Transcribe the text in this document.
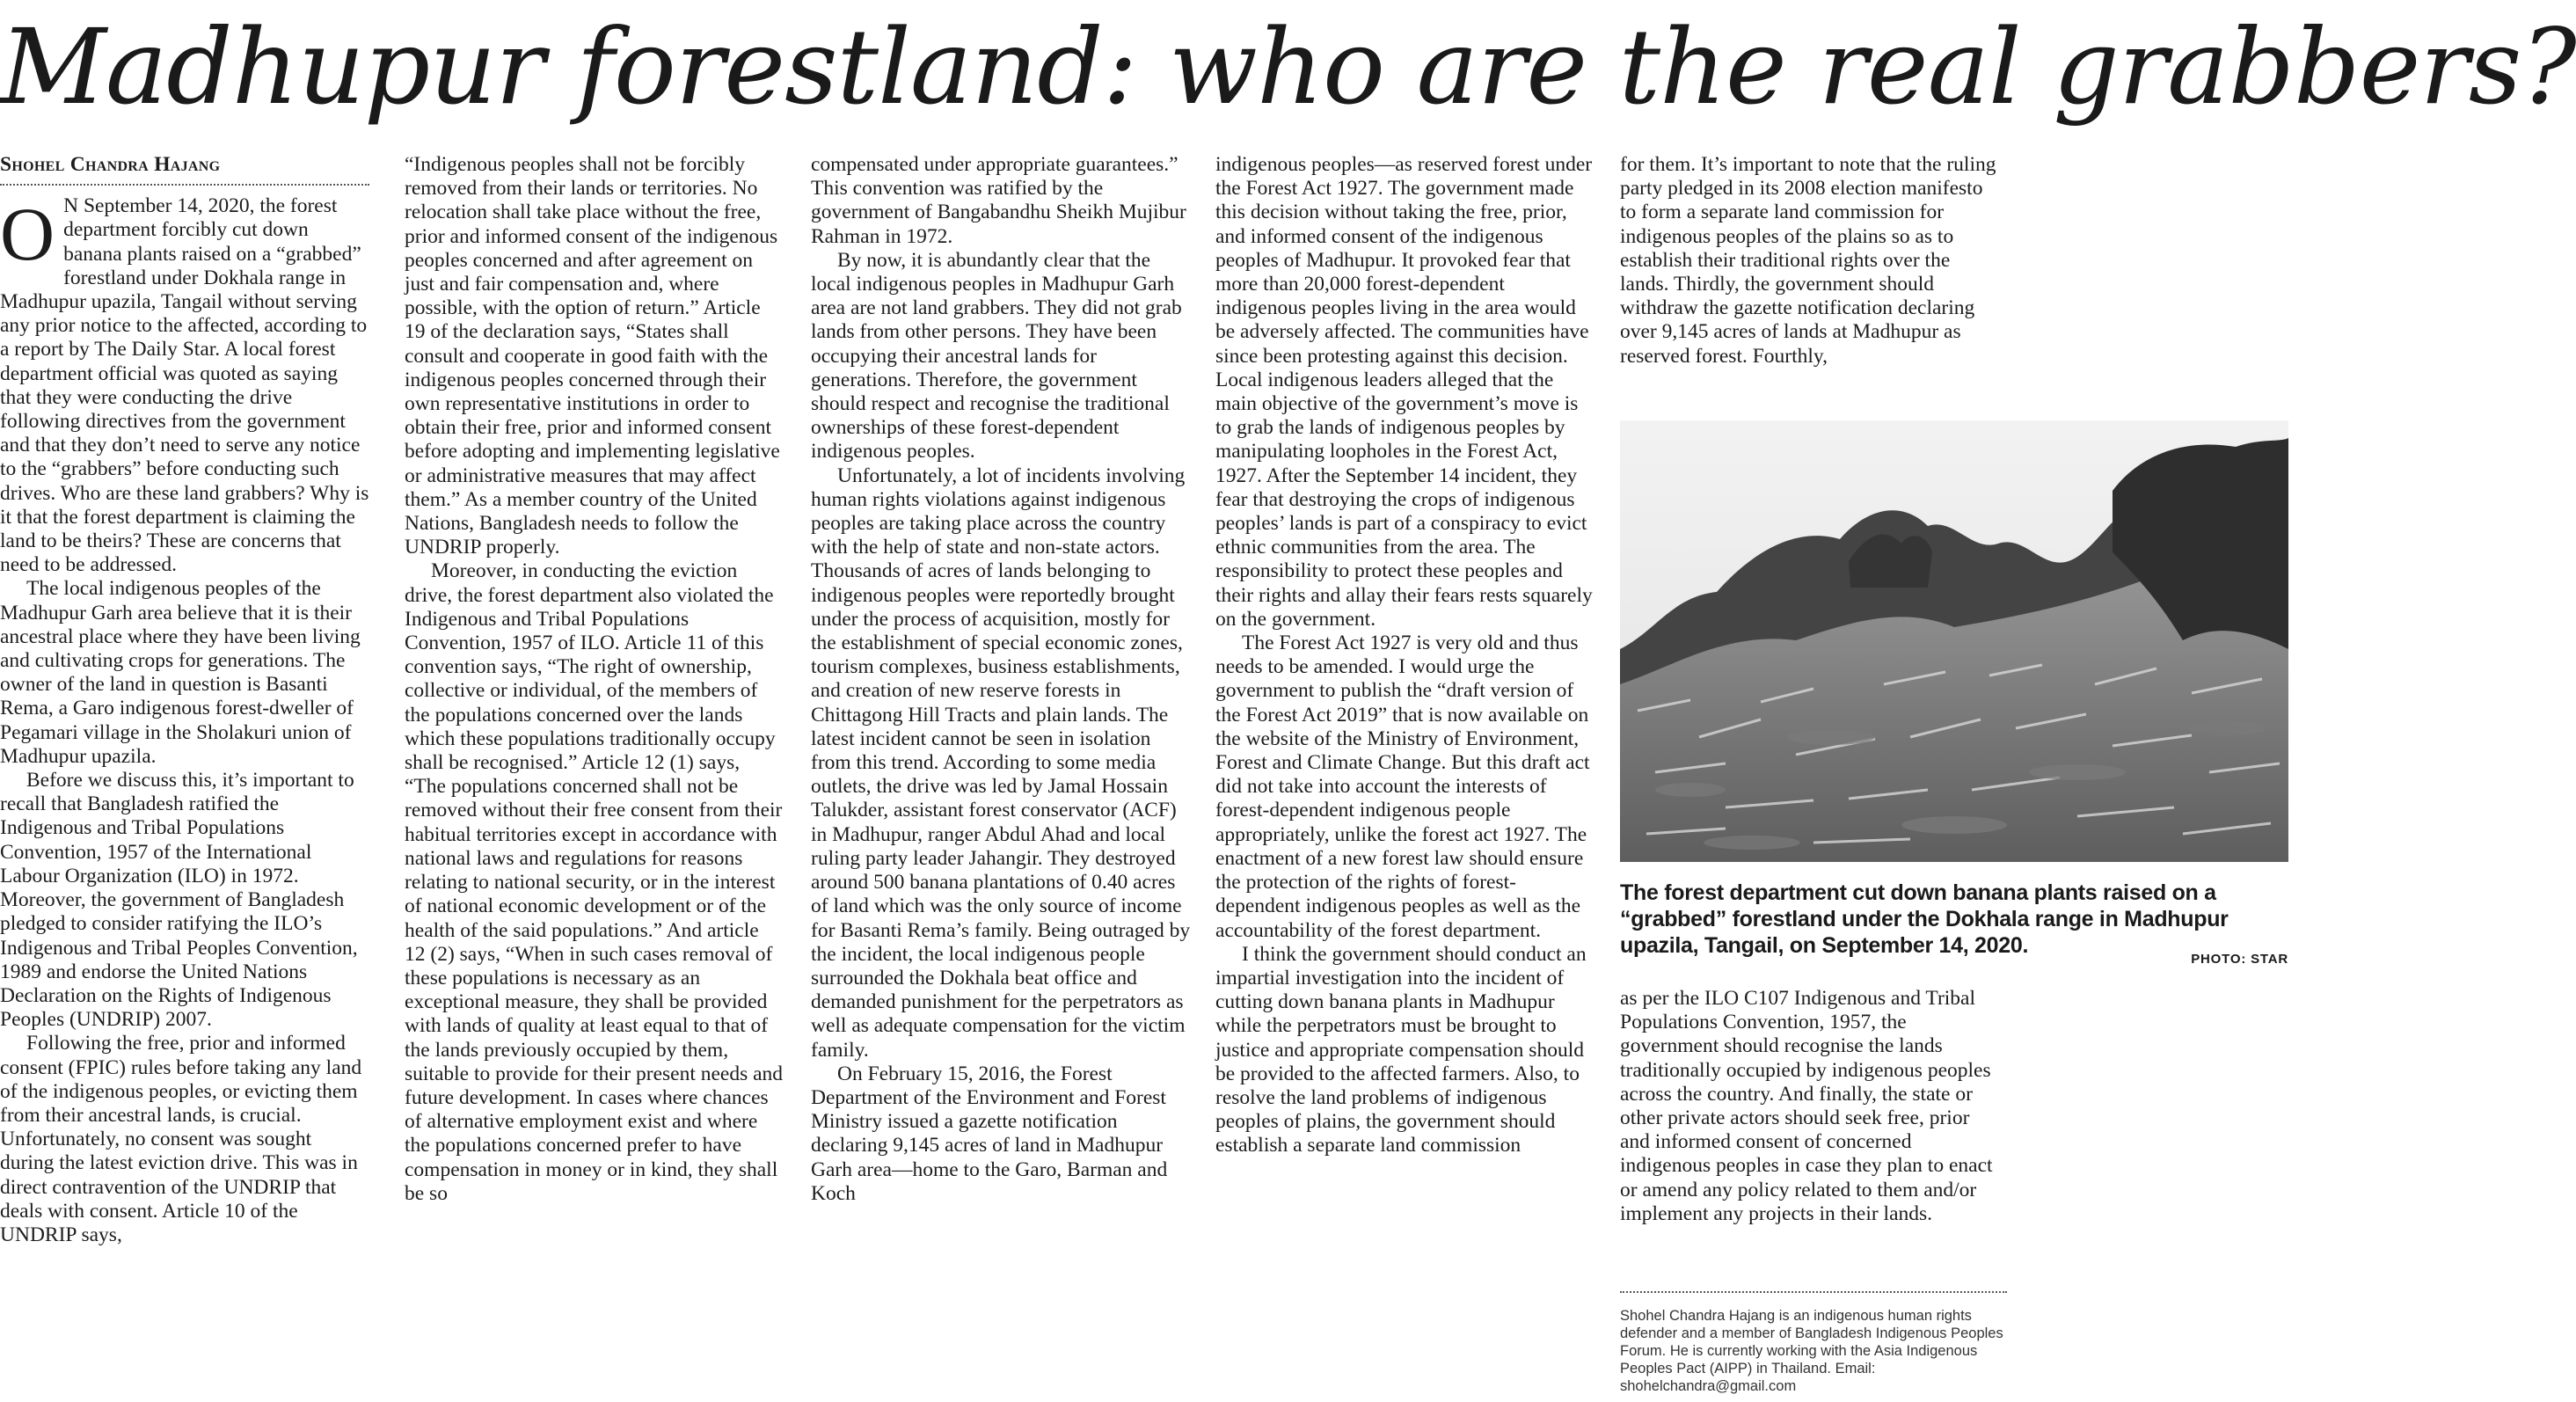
Madhupur forestland: who are the real grabbers?
Shohel Chandra Hajang
O N September 14, 2020, the forest department forcibly cut down banana plants raised on a “grabbed” forestland under Dokhala range in Madhupur upazila, Tangail without serving any prior notice to the affected, according to a report by The Daily Star. A local forest department official was quoted as saying that they were conducting the drive following directives from the government and that they don’t need to serve any notice to the “grabbers” before conducting such drives. Who are these land grabbers? Why is it that the forest department is claiming the land to be theirs? These are concerns that need to be addressed.

The local indigenous peoples of the Madhupur Garh area believe that it is their ancestral place where they have been living and cultivating crops for generations. The owner of the land in question is Basanti Rema, a Garo indigenous forest-dweller of Pegamari village in the Sholakuri union of Madhupur upazila.

Before we discuss this, it’s important to recall that Bangladesh ratified the Indigenous and Tribal Populations Convention, 1957 of the International Labour Organization (ILO) in 1972. Moreover, the government of Bangladesh pledged to consider ratifying the ILO’s Indigenous and Tribal Peoples Convention, 1989 and endorse the United Nations Declaration on the Rights of Indigenous Peoples (UNDRIP) 2007.

Following the free, prior and informed consent (FPIC) rules before taking any land of the indigenous peoples, or evicting them from their ancestral lands, is crucial. Unfortunately, no consent was sought during the latest eviction drive. This was in direct contravention of the UNDRIP that deals with consent. Article 10 of the UNDRIP says,

“Indigenous peoples shall not be forcibly removed from their lands or territories. No relocation shall take place without the free, prior and informed consent of the indigenous peoples concerned and after agreement on just and fair compensation and, where possible, with the option of return.” Article 19 of the declaration says, “States shall consult and cooperate in good faith with the indigenous peoples concerned through their own representative institutions in order to obtain their free, prior and informed consent before adopting and implementing legislative or administrative measures that may affect them.” As a member country of the United Nations, Bangladesh needs to follow the UNDRIP properly.

Moreover, in conducting the eviction drive, the forest department also violated the Indigenous and Tribal Populations Convention, 1957 of ILO. Article 11 of this convention says, “The right of ownership, collective or individual, of the members of the populations concerned over the lands which these populations traditionally occupy shall be recognised.” Article 12 (1) says, “The populations concerned shall not be removed without their free consent from their habitual territories except in accordance with national laws and regulations for reasons relating to national security, or in the interest of national economic development or of the health of the said populations.” And article 12 (2) says, “When in such cases removal of these populations is necessary as an exceptional measure, they shall be provided with lands of quality at least equal to that of the lands previously occupied by them, suitable to provide for their present needs and future development. In cases where chances of alternative employment exist and where the populations concerned prefer to have compensation in money or in kind, they shall be so

compensated under appropriate guarantees.” This convention was ratified by the government of Bangabandhu Sheikh Mujibur Rahman in 1972.

By now, it is abundantly clear that the local indigenous peoples in Madhupur Garh area are not land grabbers. They did not grab lands from other persons. They have been occupying their ancestral lands for generations. Therefore, the government should respect and recognise the traditional ownerships of these forest-dependent indigenous peoples.

Unfortunately, a lot of incidents involving human rights violations against indigenous peoples are taking place across the country with the help of state and non-state actors. Thousands of acres of lands belonging to indigenous peoples were reportedly brought under the process of acquisition, mostly for the establishment of special economic zones, tourism complexes, business establishments, and creation of new reserve forests in Chittagong Hill Tracts and plain lands. The latest incident cannot be seen in isolation from this trend. According to some media outlets, the drive was led by Jamal Hossain Talukder, assistant forest conservator (ACF) in Madhupur, ranger Abdul Ahad and local ruling party leader Jahangir. They destroyed around 500 banana plantations of 0.40 acres of land which was the only source of income for Basanti Rema’s family. Being outraged by the incident, the local indigenous people surrounded the Dokhala beat office and demanded punishment for the perpetrators as well as adequate compensation for the victim family.

On February 15, 2016, the Forest Department of the Environment and Forest Ministry issued a gazette notification declaring 9,145 acres of land in Madhupur Garh area—home to the Garo, Barman and Koch

indigenous peoples—as reserved forest under the Forest Act 1927. The government made this decision without taking the free, prior, and informed consent of the indigenous peoples of Madhupur. It provoked fear that more than 20,000 forest-dependent indigenous peoples living in the area would be adversely affected. The communities have since been protesting against this decision. Local indigenous leaders alleged that the main objective of the government’s move is to grab the lands of indigenous peoples by manipulating loopholes in the Forest Act, 1927. After the September 14 incident, they fear that destroying the crops of indigenous peoples’ lands is part of a conspiracy to evict ethnic communities from the area. The responsibility to protect these peoples and their rights and allay their fears rests squarely on the government.

The Forest Act 1927 is very old and thus needs to be amended. I would urge the government to publish the “draft version of the Forest Act 2019” that is now available on the website of the Ministry of Environment, Forest and Climate Change. But this draft act did not take into account the interests of forest-dependent indigenous people appropriately, unlike the forest act 1927. The enactment of a new forest law should ensure the protection of the rights of forest-dependent indigenous peoples as well as the accountability of the forest department.

I think the government should conduct an impartial investigation into the incident of cutting down banana plants in Madhupur while the perpetrators must be brought to justice and appropriate compensation should be provided to the affected farmers. Also, to resolve the land problems of indigenous peoples of plains, the government should establish a separate land commission

for them. It’s important to note that the ruling party pledged in its 2008 election manifesto to form a separate land commission for indigenous peoples of the plains so as to establish their traditional rights over the lands. Thirdly, the government should withdraw the gazette notification declaring over 9,145 acres of lands at Madhupur as reserved forest. Fourthly,

The forest department cut down banana plants raised on a “grabbed” forestland under the Dokhala range in Madhupur upazila, Tangail, on September 14, 2020.

PHOTO: STAR

as per the ILO C107 Indigenous and Tribal Populations Convention, 1957, the government should recognise the lands traditionally occupied by indigenous peoples across the country. And finally, the state or other private actors should seek free, prior and informed consent of concerned indigenous peoples in case they plan to enact or amend any policy related to them and/or implement any projects in their lands.

Shohel Chandra Hajang is an indigenous human rights defender and a member of Bangladesh Indigenous Peoples Forum. He is currently working with the Asia Indigenous Peoples Pact (AIPP) in Thailand. Email: shohelchandra@gmail.com
